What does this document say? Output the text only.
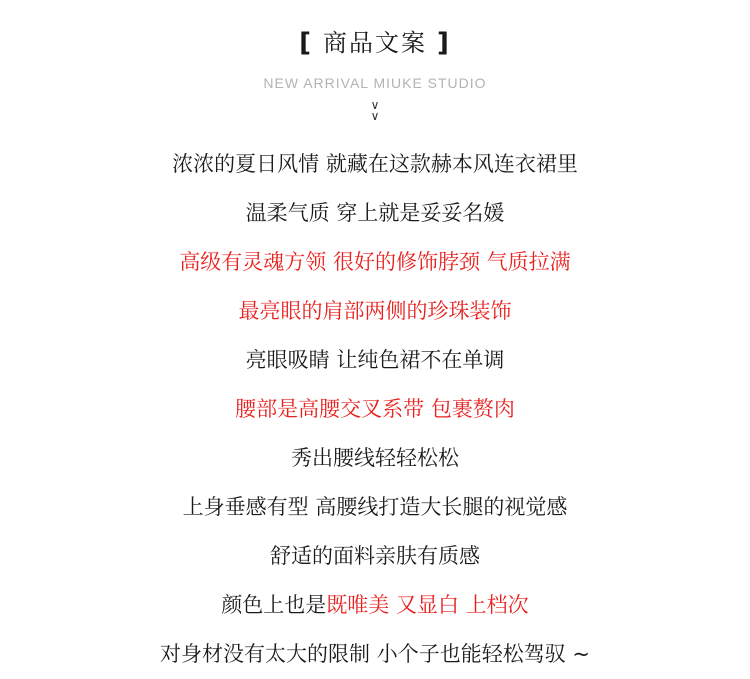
[ 商品文案 ]
NEW ARRIVAL MIUKE STUDIO
∨
∨
浓浓的夏日风情 就藏在这款赫本风连衣裙里
温柔气质 穿上就是妥妥名媛
高级有灵魂方领 很好的修饰脖颈 气质拉满
最亮眼的肩部两侧的珍珠装饰
亮眼吸睛 让纯色裙不在单调
腰部是高腰交叉系带 包裹赘肉
秀出腰线轻轻松松
上身垂感有型 高腰线打造大长腿的视觉感
舒适的面料亲肤有质感
颜色上也是既唯美 又显白 上档次
对身材没有太大的限制 小个子也能轻松驾驭 ~
